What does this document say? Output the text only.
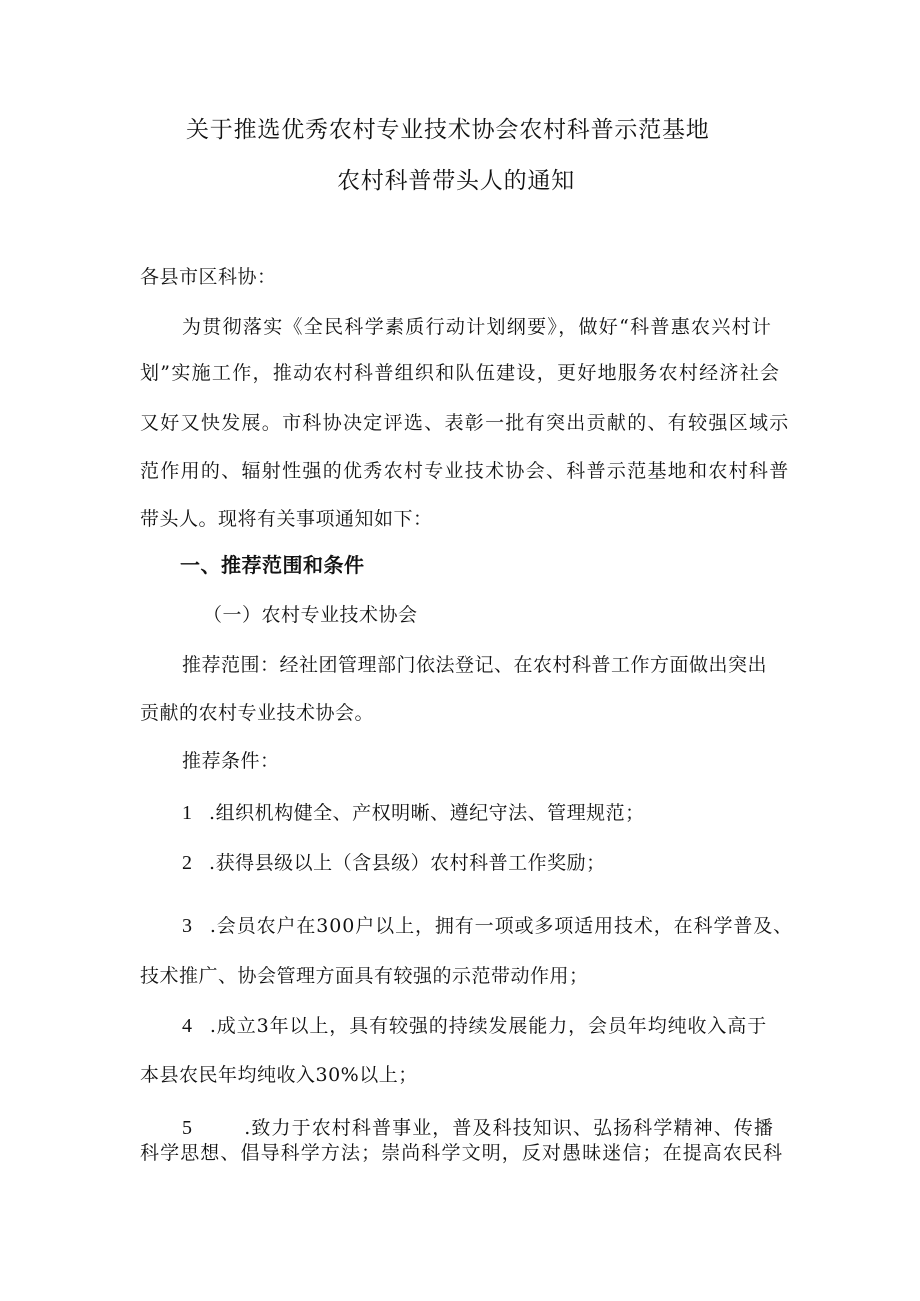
关于推选优秀农村专业技术协会农村科普示范基地
农村科普带头人的通知
各县市区科协：
为贯彻落实《全民科学素质行动计划纲要》，做好“科普惠农兴村计
划”实施工作，推动农村科普组织和队伍建设，更好地服务农村经济社会
又好又快发展。市科协决定评选、表彰一批有突出贡献的、有较强区域示
范作用的、辐射性强的优秀农村专业技术协会、科普示范基地和农村科普
带头人。现将有关事项通知如下：
一、推荐范围和条件
（一）农村专业技术协会
推荐范围：经社团管理部门依法登记、在农村科普工作方面做出突出
贡献的农村专业技术协会。
推荐条件：
1 .组织机构健全、产权明晰、遵纪守法、管理规范；
2 .获得县级以上（含县级）农村科普工作奖励；
3 .会员农户在300户以上，拥有一项或多项适用技术，在科学普及、
技术推广、协会管理方面具有较强的示范带动作用；
4 .成立3年以上，具有较强的持续发展能力，会员年均纯收入高于
本县农民年均纯收入30%以上；
5	.致力于农村科普事业，普及科技知识、弘扬科学精神、传播
科学思想、倡导科学方法；崇尚科学文明，反对愚昧迷信；在提高农民科
